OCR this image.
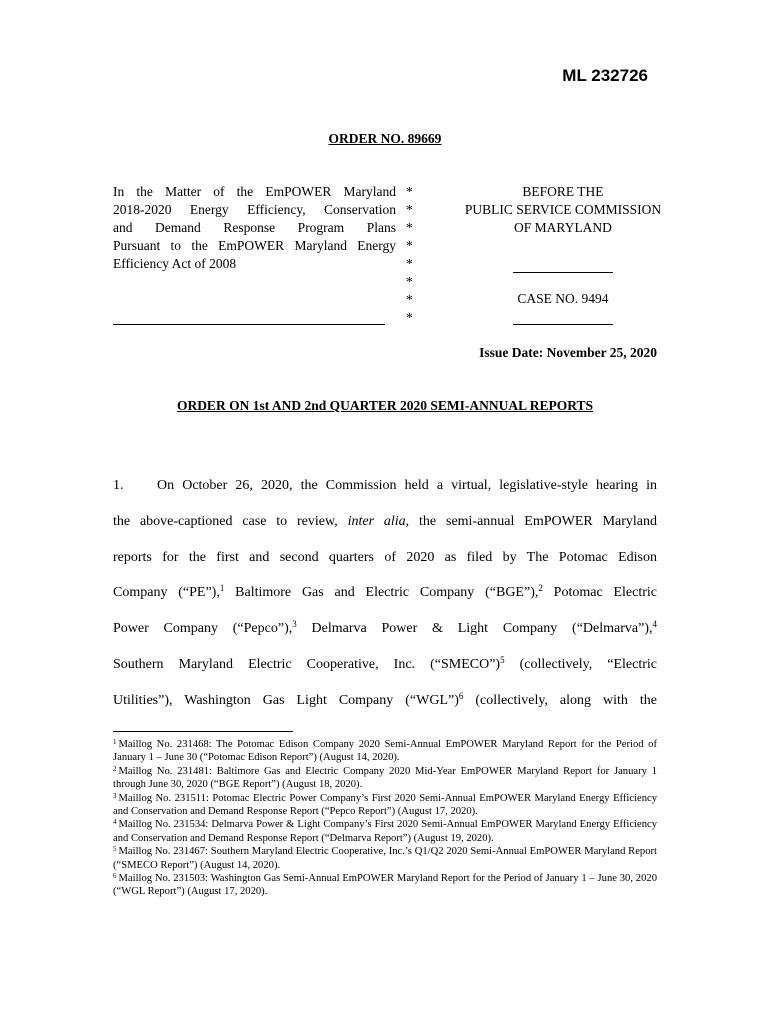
ML 232726
ORDER NO. 89669
In the Matter of the EmPOWER Maryland
2018-2020 Energy Efficiency, Conservation
and Demand Response Program Plans
Pursuant to the EmPOWER Maryland Energy
Efficiency Act of 2008
*
*
*
*
*
*
*
*
BEFORE THE
PUBLIC SERVICE COMMISSION
OF MARYLAND
CASE NO. 9494
Issue Date: November 25, 2020
ORDER ON 1st AND 2nd QUARTER 2020 SEMI-ANNUAL REPORTS
1. On October 26, 2020, the Commission held a virtual, legislative-style hearing in
the above-captioned case to review, inter alia, the semi-annual EmPOWER Maryland
reports for the first and second quarters of 2020 as filed by The Potomac Edison
Company (“PE”),$^1$ Baltimore Gas and Electric Company (“BGE”),$^2$ Potomac Electric
Power Company (“Pepco”),$^3$ Delmarva Power & Light Company (“Delmarva”),$^4$
Southern Maryland Electric Cooperative, Inc. (“SMECO”)$^5$ (collectively, “Electric
Utilities”), Washington Gas Light Company (“WGL”)$^6$ (collectively, along with the
$^1$ Maillog No. 231468: The Potomac Edison Company 2020 Semi-Annual EmPOWER Maryland Report for the Period of January 1 – June 30 (“Potomac Edison Report”) (August 14, 2020).
$^2$ Maillog No. 231481: Baltimore Gas and Electric Company 2020 Mid-Year EmPOWER Maryland Report for January 1 through June 30, 2020 (“BGE Report”) (August 18, 2020).
$^3$ Maillog No. 231511: Potomac Electric Power Company’s First 2020 Semi-Annual EmPOWER Maryland Energy Efficiency and Conservation and Demand Response Report (“Pepco Report”) (August 17, 2020).
$^4$ Maillog No. 231534: Delmarva Power & Light Company’s First 2020 Semi-Annual EmPOWER Maryland Energy Efficiency and Conservation and Demand Response Report (“Delmarva Report”) (August 19, 2020).
$^5$ Maillog No. 231467: Southern Maryland Electric Cooperative, Inc.’s Q1/Q2 2020 Semi-Annual EmPOWER Maryland Report (“SMECO Report”) (August 14, 2020).
$^6$ Maillog No. 231503: Washington Gas Semi-Annual EmPOWER Maryland Report for the Period of January 1 – June 30, 2020 (“WGL Report”) (August 17, 2020).
